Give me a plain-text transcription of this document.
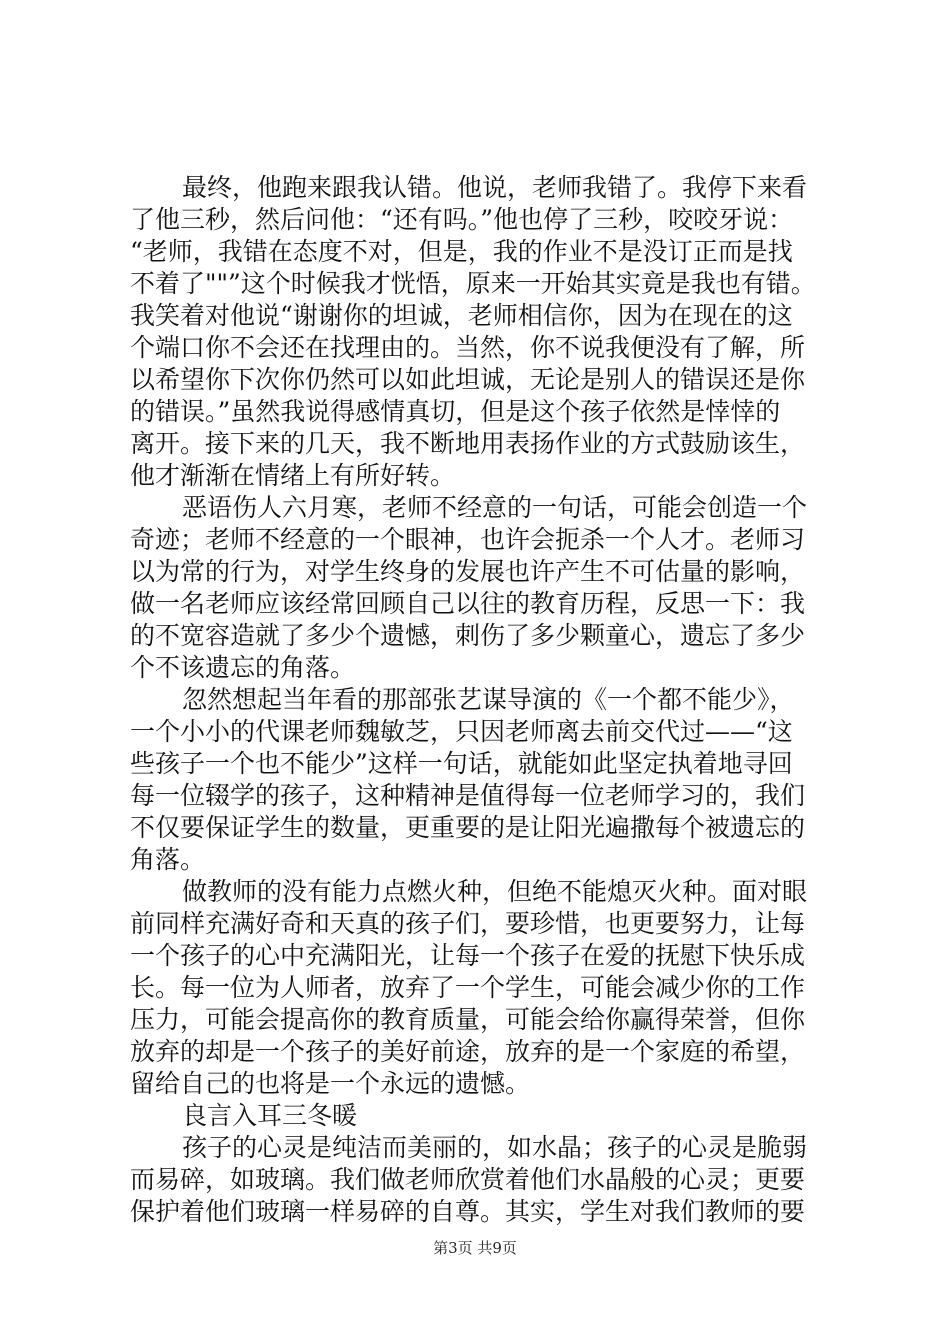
最终，他跑来跟我认错。他说，老师我错了。我停下来看
了他三秒，然后问他：“还有吗。”他也停了三秒，咬咬牙说：
“老师，我错在态度不对，但是，我的作业不是没订正而是找
不着了""”这个时候我才恍悟，原来一开始其实竟是我也有错。
我笑着对他说“谢谢你的坦诚，老师相信你，因为在现在的这
个端口你不会还在找理由的。当然，你不说我便没有了解，所
以希望你下次你仍然可以如此坦诚，无论是别人的错误还是你
的错误。”虽然我说得感情真切，但是这个孩子依然是悻悻的
离开。接下来的几天，我不断地用表扬作业的方式鼓励该生，
他才渐渐在情绪上有所好转。
恶语伤人六月寒，老师不经意的一句话，可能会创造一个
奇迹；老师不经意的一个眼神，也许会扼杀一个人才。老师习
以为常的行为，对学生终身的发展也许产生不可估量的影响，
做一名老师应该经常回顾自己以往的教育历程，反思一下：我
的不宽容造就了多少个遗憾，刺伤了多少颗童心，遗忘了多少
个不该遗忘的角落。
忽然想起当年看的那部张艺谋导演的《一个都不能少》，
一个小小的代课老师魏敏芝，只因老师离去前交代过——“这
些孩子一个也不能少”这样一句话，就能如此坚定执着地寻回
每一位辍学的孩子，这种精神是值得每一位老师学习的，我们
不仅要保证学生的数量，更重要的是让阳光遍撒每个被遗忘的
角落。
做教师的没有能力点燃火种，但绝不能熄灭火种。面对眼
前同样充满好奇和天真的孩子们，要珍惜，也更要努力，让每
一个孩子的心中充满阳光，让每一个孩子在爱的抚慰下快乐成
长。每一位为人师者，放弃了一个学生，可能会减少你的工作
压力，可能会提高你的教育质量，可能会给你赢得荣誉，但你
放弃的却是一个孩子的美好前途，放弃的是一个家庭的希望，
留给自己的也将是一个永远的遗憾。
良言入耳三冬暖
孩子的心灵是纯洁而美丽的，如水晶；孩子的心灵是脆弱
而易碎，如玻璃。我们做老师欣赏着他们水晶般的心灵；更要
保护着他们玻璃一样易碎的自尊。其实，学生对我们教师的要
第3页 共9页
